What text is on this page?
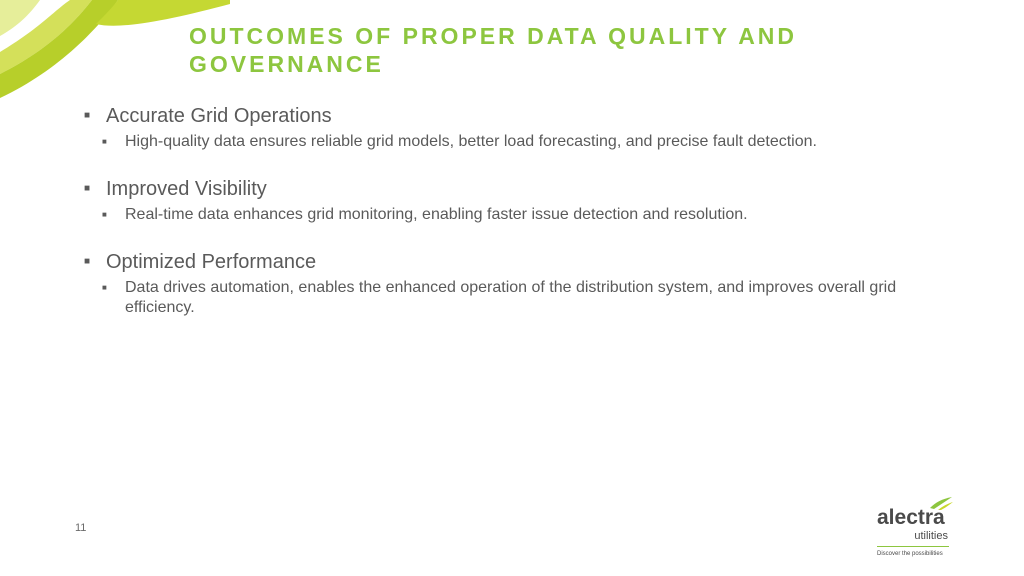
OUTCOMES OF PROPER DATA QUALITY AND GOVERNANCE
■ Accurate Grid Operations
■	High-quality data ensures reliable grid models, better load forecasting, and precise fault detection.
■ Improved Visibility
■	Real-time data enhances grid monitoring, enabling faster issue detection and resolution.
■ Optimized Performance
■	Data drives automation, enables the enhanced operation of the distribution system, and improves overall grid efficiency.
11	alectra
utilities
Discover the possibilities
